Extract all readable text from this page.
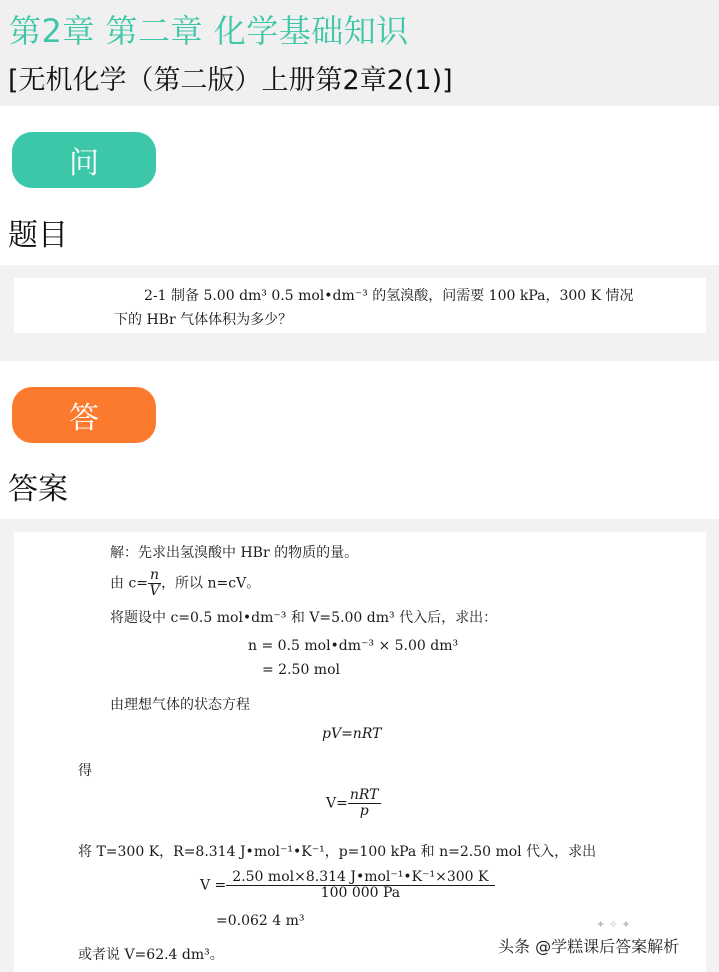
第2章 第二章 化学基础知识
[无机化学（第二版）上册第2章2(1)]
问
题目
2-1 制备 5.00 dm³ 0.5 mol•dm⁻³ 的氢溴酸，问需要 100 kPa，300 K 情况
下的 HBr 气体体积为多少？
答
答案
解：先求出氢溴酸中 HBr 的物质的量。
由 $c= \frac{n}{V}$ ，所以 n=cV。
将题设中 c=0.5 mol•dm⁻³ 和 V=5.00 dm³ 代入后，求出：
n = 0.5 mol•dm⁻³ × 5.00 dm³
= 2.50 mol
由理想气体的状态方程
pV=nRT
得
$V= \frac{\text{nRT}}{p}$
将 T=300 K，R=8.314 J•mol⁻¹•K⁻¹，p=100 kPa 和 n=2.50 mol 代入，求出
$V = \frac{\text{2.50 mol×8.314 J•mol⁻¹•K⁻¹×300 K}}{100 000 Pa}$
=0.062 4 m³
或者说 V=62.4 dm³。
✦ ✧ ✦
头条 @学糕课后答案解析
